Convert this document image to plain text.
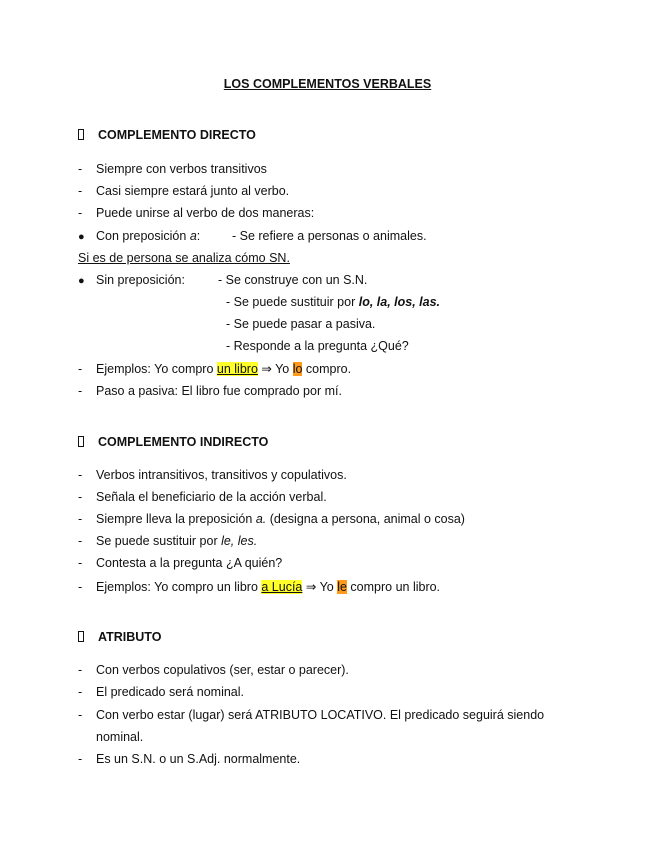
LOS COMPLEMENTOS VERBALES
COMPLEMENTO DIRECTO
- Siempre con verbos transitivos
- Casi siempre estará junto al verbo.
- Puede unirse al verbo de dos maneras:
● Con preposición a:	- Se refiere a personas o animales.
Si es de persona se analiza cómo SN.
● Sin preposición:	- Se construye con un S.N.
- Se puede sustituir por lo, la, los, las.
- Se puede pasar a pasiva.
- Responde a la pregunta ¿Qué?
- Ejemplos: Yo compro un libro ⇒ Yo lo compro.
- Paso a pasiva: El libro fue comprado por mí.
COMPLEMENTO INDIRECTO
- Verbos intransitivos, transitivos y copulativos.
- Señala el beneficiario de la acción verbal.
- Siempre lleva la preposición a. (designa a persona, animal o cosa)
- Se puede sustituir por le, les.
- Contesta a la pregunta ¿A quién?
- Ejemplos: Yo compro un libro a Lucía ⇒ Yo le compro un libro.
ATRIBUTO
- Con verbos copulativos (ser, estar o parecer).
- El predicado será nominal.
- Con verbo estar (lugar) será ATRIBUTO LOCATIVO. El predicado seguirá siendo
nominal.
- Es un S.N. o un S.Adj. normalmente.
